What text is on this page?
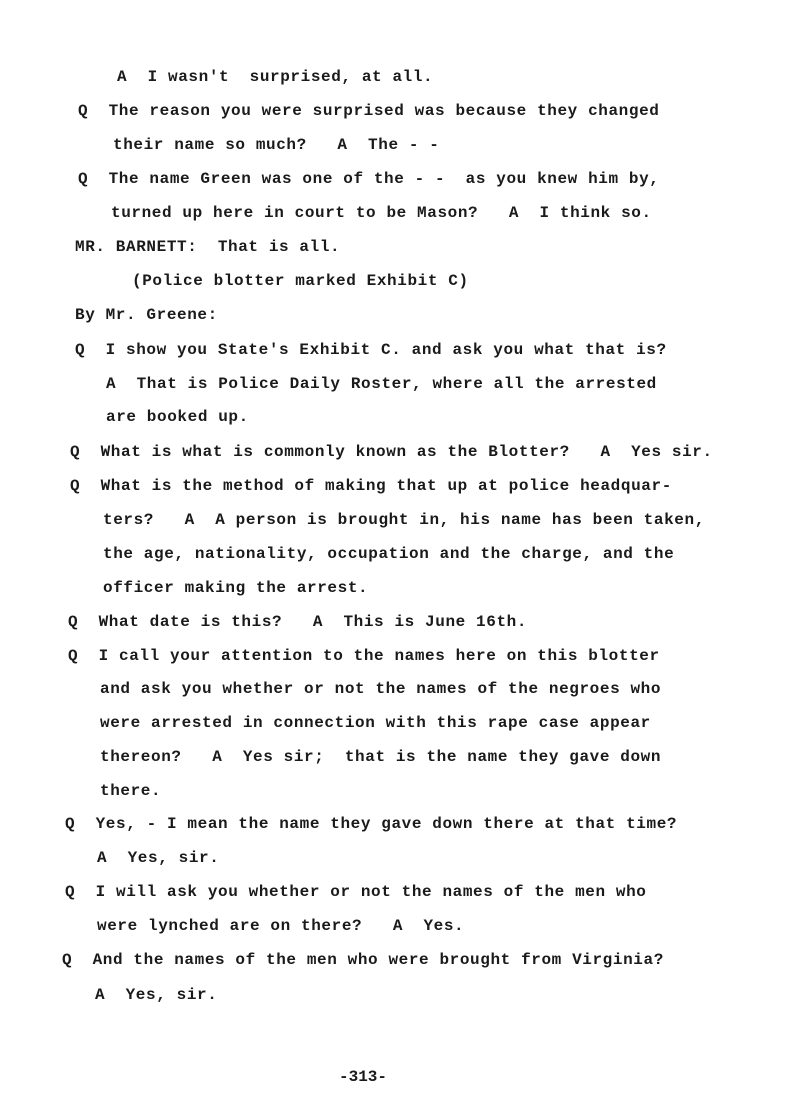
A  I wasn't  surprised, at all.
Q  The reason you were surprised was because they changed
their name so much?   A  The - -
Q  The name Green was one of the - -  as you knew him by,
turned up here in court to be Mason?   A  I think so.
MR. BARNETT:  That is all.
(Police blotter marked Exhibit C)
By Mr. Greene:
Q  I show you State's Exhibit C. and ask you what that is?
A  That is Police Daily Roster, where all the arrested
are booked up.
Q  What is what is commonly known as the Blotter?   A  Yes sir.
Q  What is the method of making that up at police headquar-
ters?   A  A person is brought in, his name has been taken,
the age, nationality, occupation and the charge, and the
officer making the arrest.
Q  What date is this?   A  This is June 16th.
Q  I call your attention to the names here on this blotter
and ask you whether or not the names of the negroes who
were arrested in connection with this rape case appear
thereon?   A  Yes sir;  that is the name they gave down
there.
Q  Yes, - I mean the name they gave down there at that time?
A  Yes, sir.
Q  I will ask you whether or not the names of the men who
were lynched are on there?   A  Yes.
Q  And the names of the men who were brought from Virginia?
A  Yes, sir.
-313-
